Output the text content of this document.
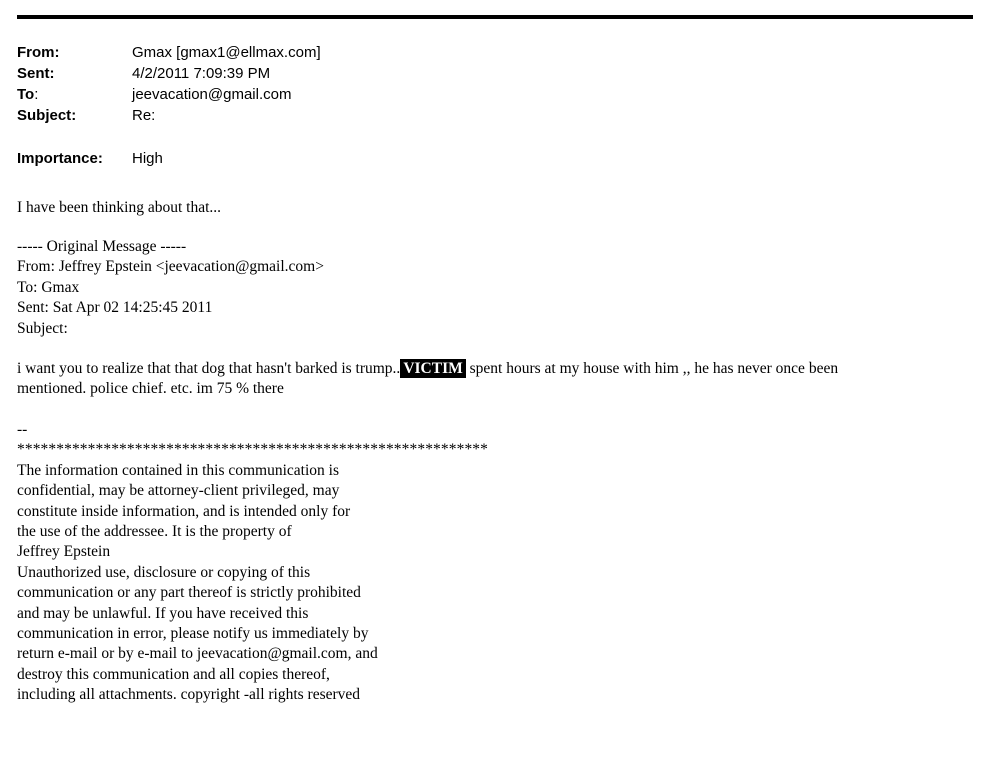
From:	Gmax [gmax1@ellmax.com]
Sent:	4/2/2011 7:09:39 PM
To:	jeevacation@gmail.com
Subject:	Re:
Importance:	High
I have been thinking about that...
----- Original Message -----
From: Jeffrey Epstein <jeevacation@gmail.com>
To: Gmax
Sent: Sat Apr 02 14:25:45 2011
Subject:
i want you to realize that that dog that hasn't barked is trump.. VICTIM spent hours at my house with him ,, he has never once been
mentioned. police chief. etc. im 75 % there
--
************************************************************
The information contained in this communication is
confidential, may be attorney-client privileged, may
constitute inside information, and is intended only for
the use of the addressee. It is the property of
Jeffrey Epstein
Unauthorized use, disclosure or copying of this
communication or any part thereof is strictly prohibited
and may be unlawful. If you have received this
communication in error, please notify us immediately by
return e-mail or by e-mail to jeevacation@gmail.com, and
destroy this communication and all copies thereof,
including all attachments. copyright -all rights reserved
